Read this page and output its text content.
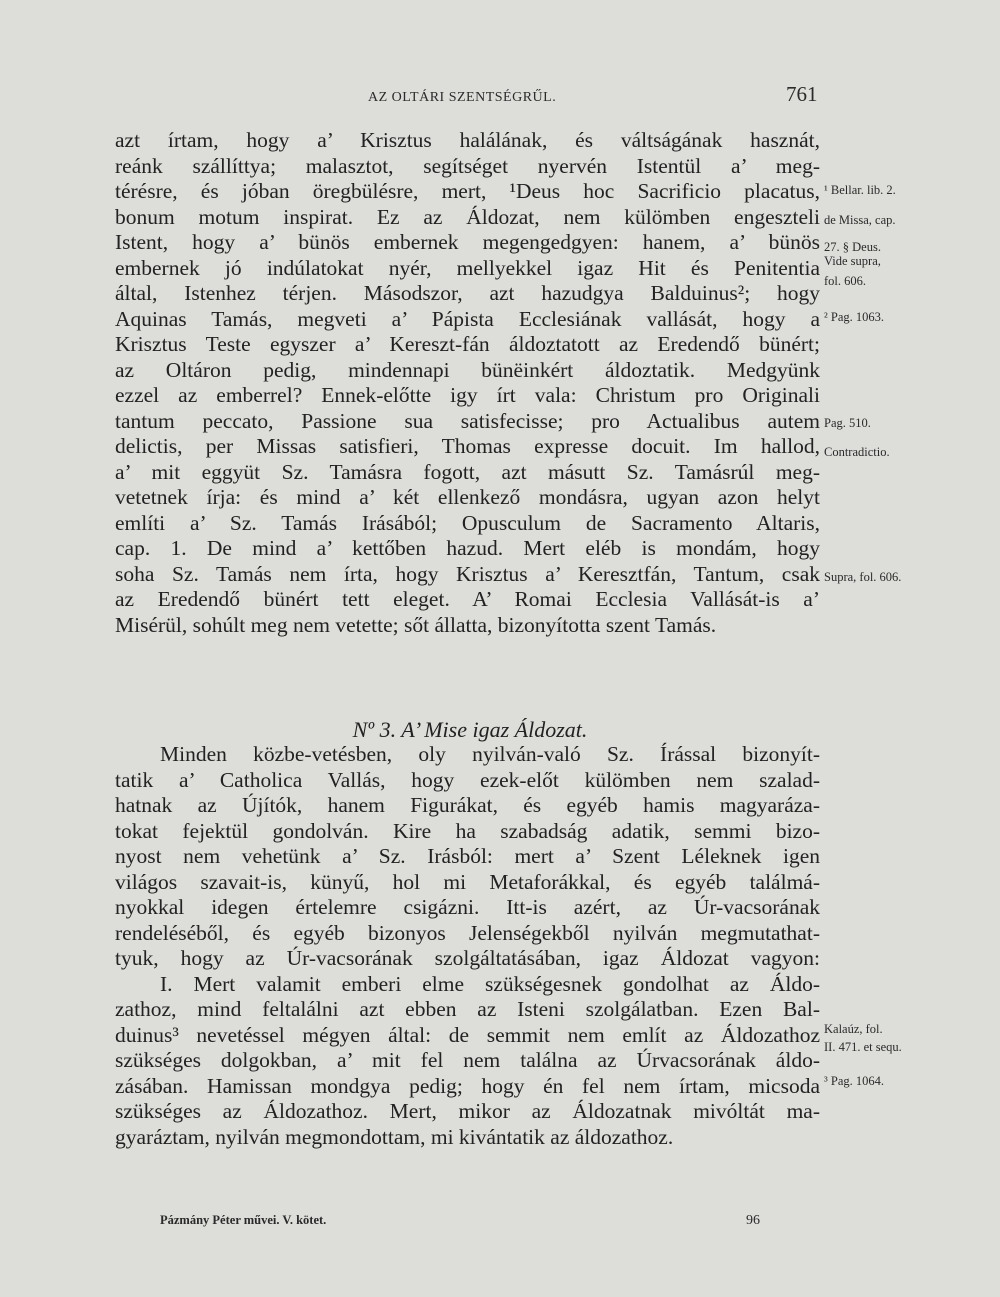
AZ OLTÁRI SZENTSÉGRŰL.	761
azt írtam, hogy a’ Krisztus halálának, és váltságának hasznát,
reánk szállíttya; malasztot, segítséget nyervén Istentül a’ meg-
térésre, és jóban öregbülésre, mert, ¹Deus hoc Sacrificio placatus,
bonum motum inspirat. Ez az Áldozat, nem külömben engeszteli
Istent, hogy a’ bünös embernek megengedgyen: hanem, a’ bünös
embernek jó indúlatokat nyér, mellyekkel igaz Hit és Penitentia
által, Istenhez térjen. Másodszor, azt hazudgya Balduinus²; hogy
Aquinas Tamás, megveti a’ Pápista Ecclesiának vallását, hogy a
Krisztus Teste egyszer a’ Kereszt-fán áldoztatott az Eredendő bünért;
az Oltáron pedig, mindennapi bünëinkért áldoztatik. Medgyünk
ezzel az emberrel? Ennek-előtte igy írt vala: Christum pro Originali
tantum peccato, Passione sua satisfecisse; pro Actualibus autem
delictis, per Missas satisfieri, Thomas expresse docuit. Im hallod,
a’ mit eggyüt Sz. Tamásra fogott, azt másutt Sz. Tamásrúl meg-
vetetnek írja: és mind a’ két ellenkező mondásra, ugyan azon helyt
említi a’ Sz. Tamás Irásából; Opusculum de Sacramento Altaris,
cap. 1. De mind a’ kettőben hazud. Mert eléb is mondám, hogy
soha Sz. Tamás nem írta, hogy Krisztus a’ Keresztfán, Tantum, csak
az Eredendő bünért tett eleget. A’ Romai Ecclesia Vallását-is a’
Misérül, sohúlt meg nem vetette; sőt állatta, bizonyította szent Tamás.
Nº 3. A’ Mise igaz Áldozat.
Minden közbe-vetésben, oly nyilván-való Sz. Írással bizonyít-
tatik a’ Catholica Vallás, hogy ezek-előt külömben nem szalad-
hatnak az Újítók, hanem Figurákat, és egyéb hamis magyaráza-
tokat fejektül gondolván. Kire ha szabadság adatik, semmi bizo-
nyost nem vehetünk a’ Sz. Irásból: mert a’ Szent Léleknek igen
világos szavait-is, künyű, hol mi Metaforákkal, és egyéb találmá-
nyokkal idegen értelemre csigázni. Itt-is azért, az Úr-vacsorának
rendeléséből, és egyéb bizonyos Jelenségekből nyilván megmutathat-
tyuk, hogy az Úr-vacsorának szolgáltatásában, igaz Áldozat vagyon:
I. Mert valamit emberi elme szükségesnek gondolhat az Áldo-
zathoz, mind feltalálni azt ebben az Isteni szolgálatban. Ezen Bal-
duinus³ nevetéssel mégyen által: de semmit nem említ az Áldozathoz
szükséges dolgokban, a’ mit fel nem találna az Úrvacsorának áldo-
zásában. Hamissan mondgya pedig; hogy én fel nem írtam, micsoda
szükséges az Áldozathoz. Mert, mikor az Áldozatnak mivóltát ma-
gyaráztam, nyilván megmondottam, mi kivántatik az áldozathoz.
¹ Bellar. lib. 2.
de Missa, cap.
27. § Deus.
Vide supra,
fol. 606.
² Pag. 1063.
Pag. 510.
Contradictio.
Supra, fol. 606.
Kalaúz, fol.
II. 471. et sequ.
³ Pag. 1064.
Pázmány Péter művei. V. kötet.	96
